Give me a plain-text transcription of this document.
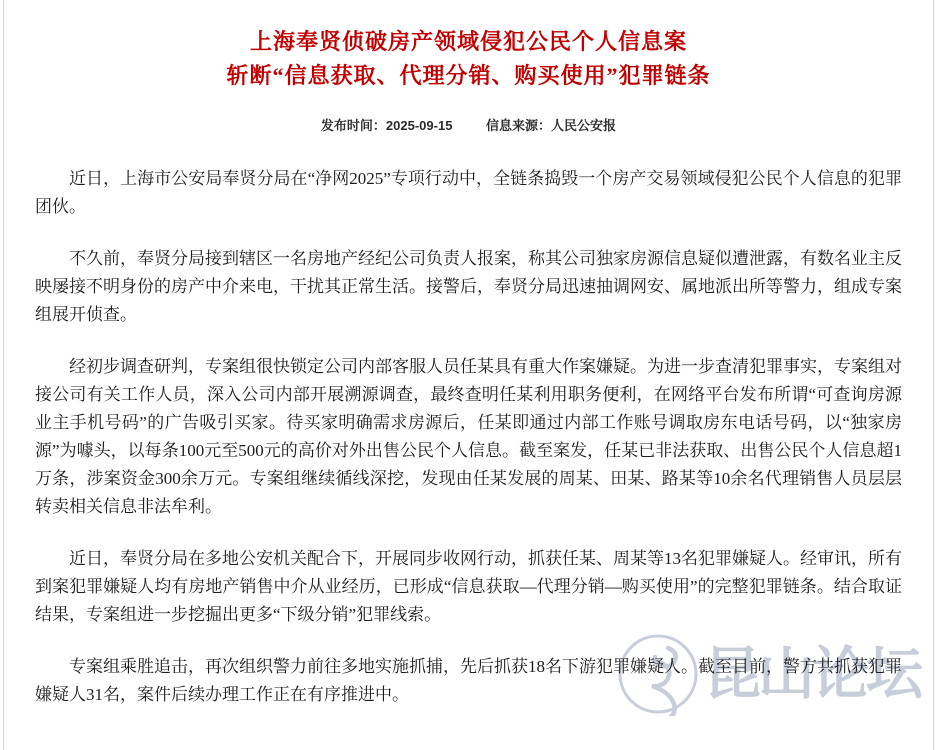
昆山论坛
上海奉贤侦破房产领域侵犯公民个人信息案
斩断“信息获取、代理分销、购买使用”犯罪链条
发布时间：2025-09-15	信息来源：人民公安报

近日，上海市公安局奉贤分局在“净网2025”专项行动中，全链条捣毁一个房产交易领域侵犯公民个人信息的犯罪团伙。

不久前，奉贤分局接到辖区一名房地产经纪公司负责人报案，称其公司独家房源信息疑似遭泄露，有数名业主反映屡接不明身份的房产中介来电，干扰其正常生活。接警后，奉贤分局迅速抽调网安、属地派出所等警力，组成专案组展开侦查。

经初步调查研判，专案组很快锁定公司内部客服人员任某具有重大作案嫌疑。为进一步查清犯罪事实，专案组对接公司有关工作人员，深入公司内部开展溯源调查，最终查明任某利用职务便利，在网络平台发布所谓“可查询房源业主手机号码”的广告吸引买家。待买家明确需求房源后，任某即通过内部工作账号调取房东电话号码，以“独家房源”为噱头，以每条100元至500元的高价对外出售公民个人信息。截至案发，任某已非法获取、出售公民个人信息超1万条，涉案资金300余万元。专案组继续循线深挖，发现由任某发展的周某、田某、路某等10余名代理销售人员层层转卖相关信息非法牟利。

近日，奉贤分局在多地公安机关配合下，开展同步收网行动，抓获任某、周某等13名犯罪嫌疑人。经审讯，所有到案犯罪嫌疑人均有房地产销售中介从业经历，已形成“信息获取—代理分销—购买使用”的完整犯罪链条。结合取证结果，专案组进一步挖掘出更多“下级分销”犯罪线索。

专案组乘胜追击，再次组织警力前往多地实施抓捕，先后抓获18名下游犯罪嫌疑人。截至目前，警方共抓获犯罪嫌疑人31名，案件后续办理工作正在有序推进中。
